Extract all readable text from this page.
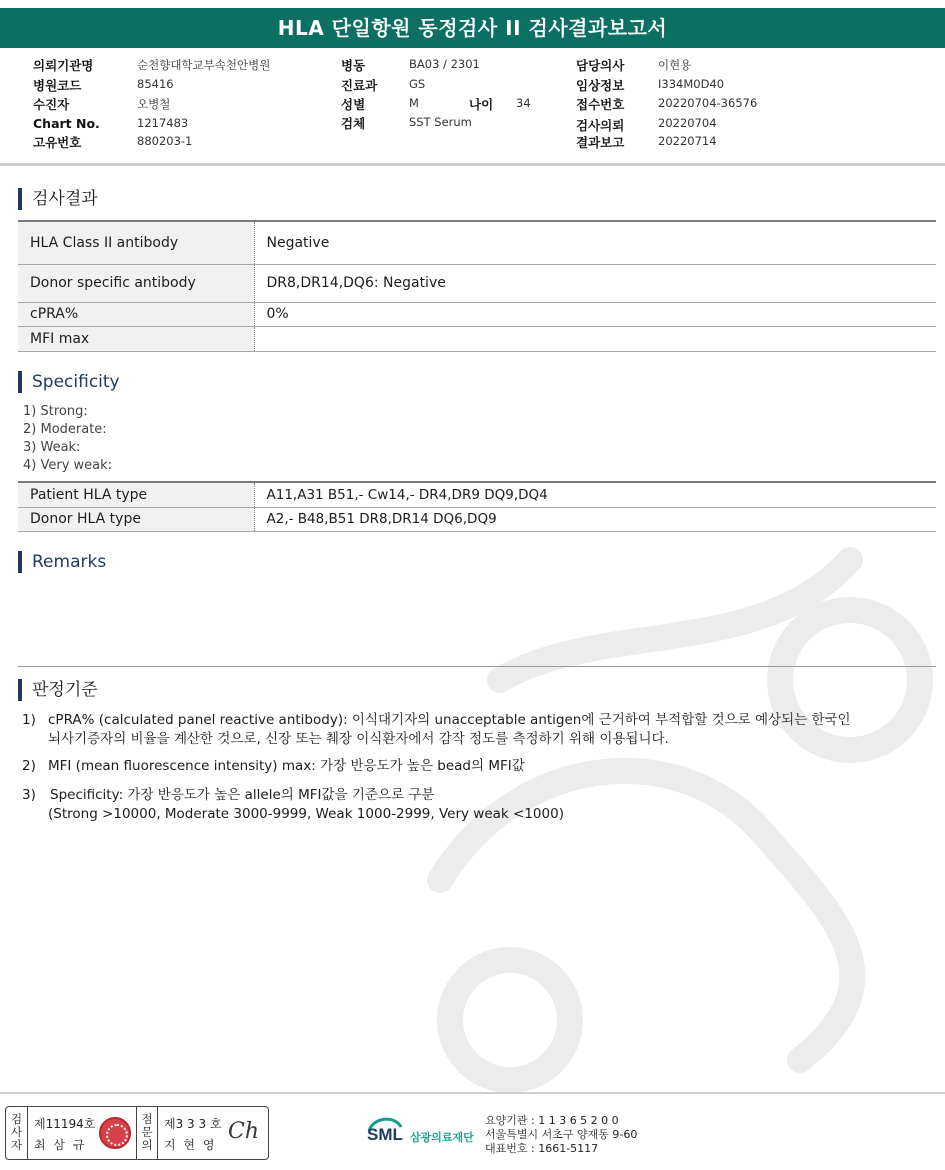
HLA 단일항원 동정검사 II 검사결과보고서
의뢰기관명	순천향대학교부속천안병원
병원코드	85416
수진자	오병철
Chart No.	1217483
고유번호	880203-1
병동	BA03 / 2301
진료과	GS
성별	M	나이 34
검체	SST Serum
담당의사	이현용
임상정보	I334M0D40
접수번호	20220704-36576
검사의뢰	20220704
결과보고	20220714
검사결과
HLA Class II antibody	Negative
Donor specific antibody	DR8,DR14,DQ6: Negative
cPRA%	0%
MFI max	
Specificity
1) Strong:
2) Moderate:
3) Weak:
4) Very weak:
Patient HLA type	A11,A31 B51,- Cw14,- DR4,DR9 DQ9,DQ4
Donor HLA type	A2,- B48,B51 DR8,DR14 DQ6,DQ9
Remarks
판정기준
1) cPRA% (calculated panel reactive antibody): 이식대기자의 unacceptable antigen에 근거하여 부적합할 것으로 예상되는 한국인
뇌사기증자의 비율을 계산한 것으로, 신장 또는 췌장 이식환자에서 감작 정도를 측정하기 위해 이용됩니다.
2) MFI (mean fluorescence intensity) max: 가장 반응도가 높은 bead의 MFI값
3) Specificity: 가장 반응도가 높은 allele의 MFI값을 기준으로 구분
(Strong >10000, Moderate 3000-9999, Weak 1000-2999, Very weak <1000)
검사자
제11194호
최 삼 규
점문의
제3 3 3 호
지 현 영
Ch	SML 삼광의료재단
요양기관 : 1 1 3 6 5 2 0 0
서울특별시 서초구 양재동 9-60
대표번호 : 1661-5117
